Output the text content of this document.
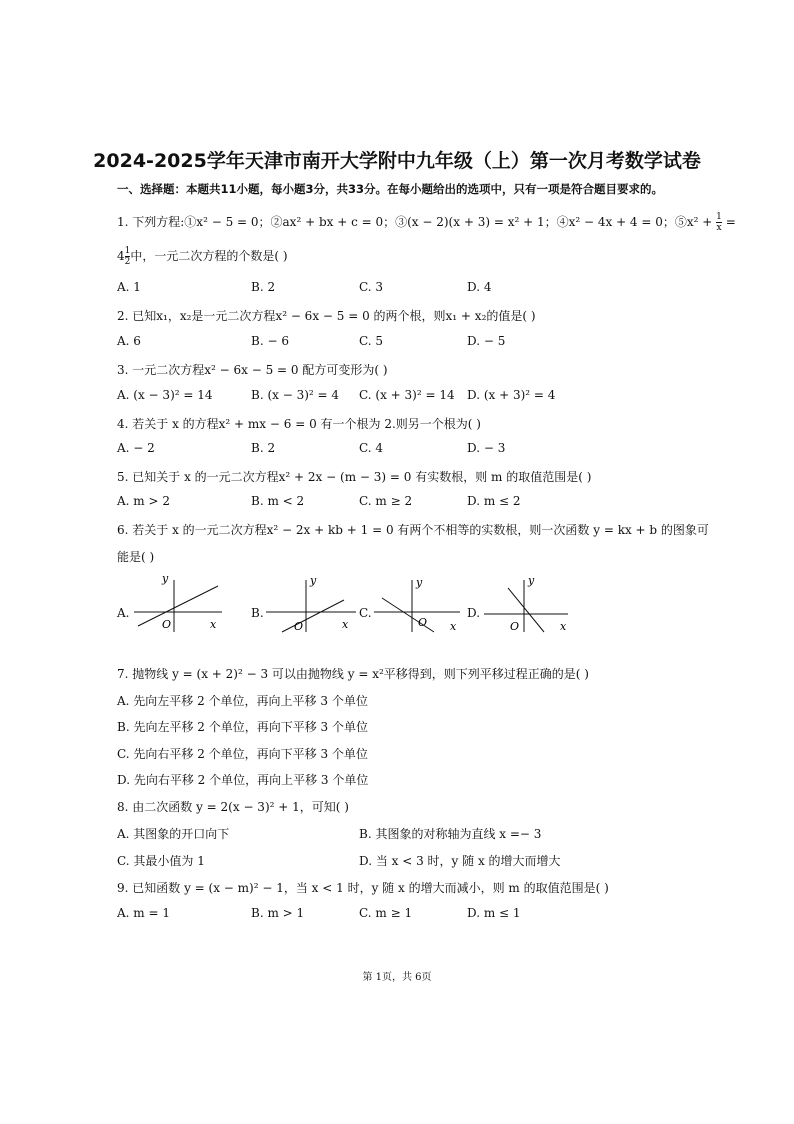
2024-2025学年天津市南开大学附中九年级（上）第一次月考数学试卷
一、选择题：本题共11小题，每小题3分，共33分。在每小题给出的选项中，只有一项是符合题目要求的。
1. 下列方程:①x² − 5 = 0；②ax² + bx + c = 0；③(x − 2)(x + 3) = x² + 1；④x² − 4x + 4 = 0；⑤x² + $\frac{1}{x}$ =
$4 \frac{1}{2}$ 中，一元二次方程的个数是( )
A. 1	B. 2	C. 3	D. 4
2. 已知x₁，x₂是一元二次方程x² − 6x − 5 = 0 的两个根，则x₁ + x₂的值是( )
A. 6	B. − 6	C. 5	D. − 5
3. 一元二次方程x² − 6x − 5 = 0 配方可变形为( )
A. (x − 3)² = 14	B. (x − 3)² = 4 C. (x + 3)² = 14 D. (x + 3)² = 4
4. 若关于 x 的方程x² + mx − 6 = 0 有一个根为 2.则另一个根为( )
A. − 2	B. 2	C. 4	D. − 3
5. 已知关于 x 的一元二次方程x² + 2x − (m − 3) = 0 有实数根，则 m 的取值范围是( )
A. m > 2	B. m < 2	C. m ≥ 2	D. m ≤ 2
6. 若关于 x 的一元二次方程x² − 2x + kb + 1 = 0 有两个不相等的实数根，则一次函数 y = kx + b 的图象可
能是( )
A.
y
x
O
B.
y
x
O
C.
y
x
O
D.
y
x
O
7. 抛物线 y = (x + 2)² − 3 可以由抛物线 y = x²平移得到，则下列平移过程正确的是( )
A. 先向左平移 2 个单位，再向上平移 3 个单位
B. 先向左平移 2 个单位，再向下平移 3 个单位
C. 先向右平移 2 个单位，再向下平移 3 个单位
D. 先向右平移 2 个单位，再向上平移 3 个单位
8. 由二次函数 y = 2(x − 3)² + 1，可知( )
A. 其图象的开口向下	B. 其图象的对称轴为直线 x =− 3
C. 其最小值为 1	D. 当 x < 3 时，y 随 x 的增大而增大
9. 已知函数 y = (x − m)² − 1，当 x < 1 时，y 随 x 的增大而减小，则 m 的取值范围是( )
A. m = 1	B. m > 1	C. m ≥ 1	D. m ≤ 1
第 1页，共 6页
